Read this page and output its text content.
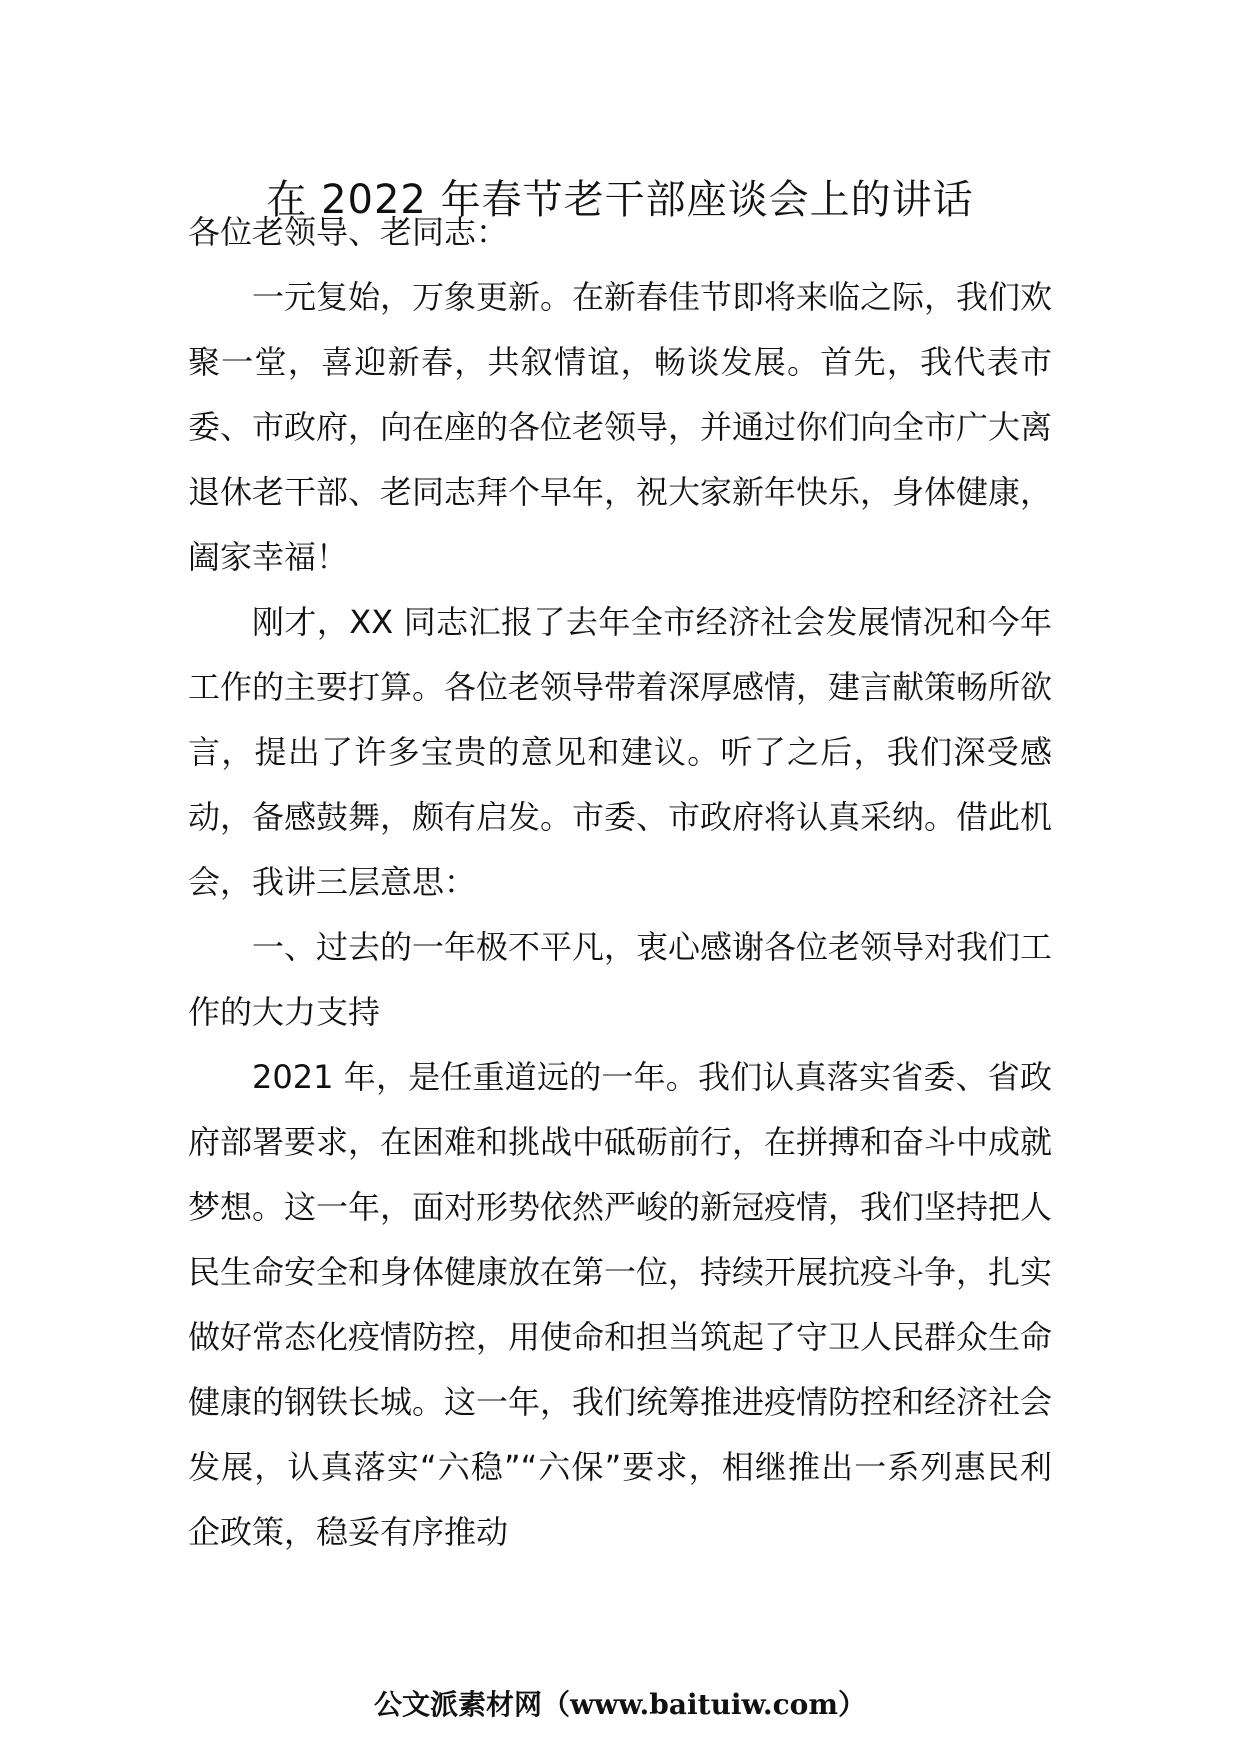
在 2022 年春节老干部座谈会上的讲话

各位老领导、老同志：

一元复始，万象更新。在新春佳节即将来临之际，我们欢聚一堂，喜迎新春，共叙情谊，畅谈发展。首先，我代表市委、市政府，向在座的各位老领导，并通过你们向全市广大离退休老干部、老同志拜个早年，祝大家新年快乐，身体健康，阖家幸福！

刚才，XX 同志汇报了去年全市经济社会发展情况和今年工作的主要打算。各位老领导带着深厚感情，建言献策畅所欲言，提出了许多宝贵的意见和建议。听了之后，我们深受感动，备感鼓舞，颇有启发。市委、市政府将认真采纳。借此机会，我讲三层意思：

一、过去的一年极不平凡，衷心感谢各位老领导对我们工作的大力支持

2021 年，是任重道远的一年。我们认真落实省委、省政府部署要求，在困难和挑战中砥砺前行，在拼搏和奋斗中成就梦想。这一年，面对形势依然严峻的新冠疫情，我们坚持把人民生命安全和身体健康放在第一位，持续开展抗疫斗争，扎实做好常态化疫情防控，用使命和担当筑起了守卫人民群众生命健康的钢铁长城。这一年，我们统筹推进疫情防控和经济社会发展，认真落实“六稳”“六保”要求，相继推出一系列惠民利企政策，稳妥有序推动

公文派素材网（www.baituiw.com）
